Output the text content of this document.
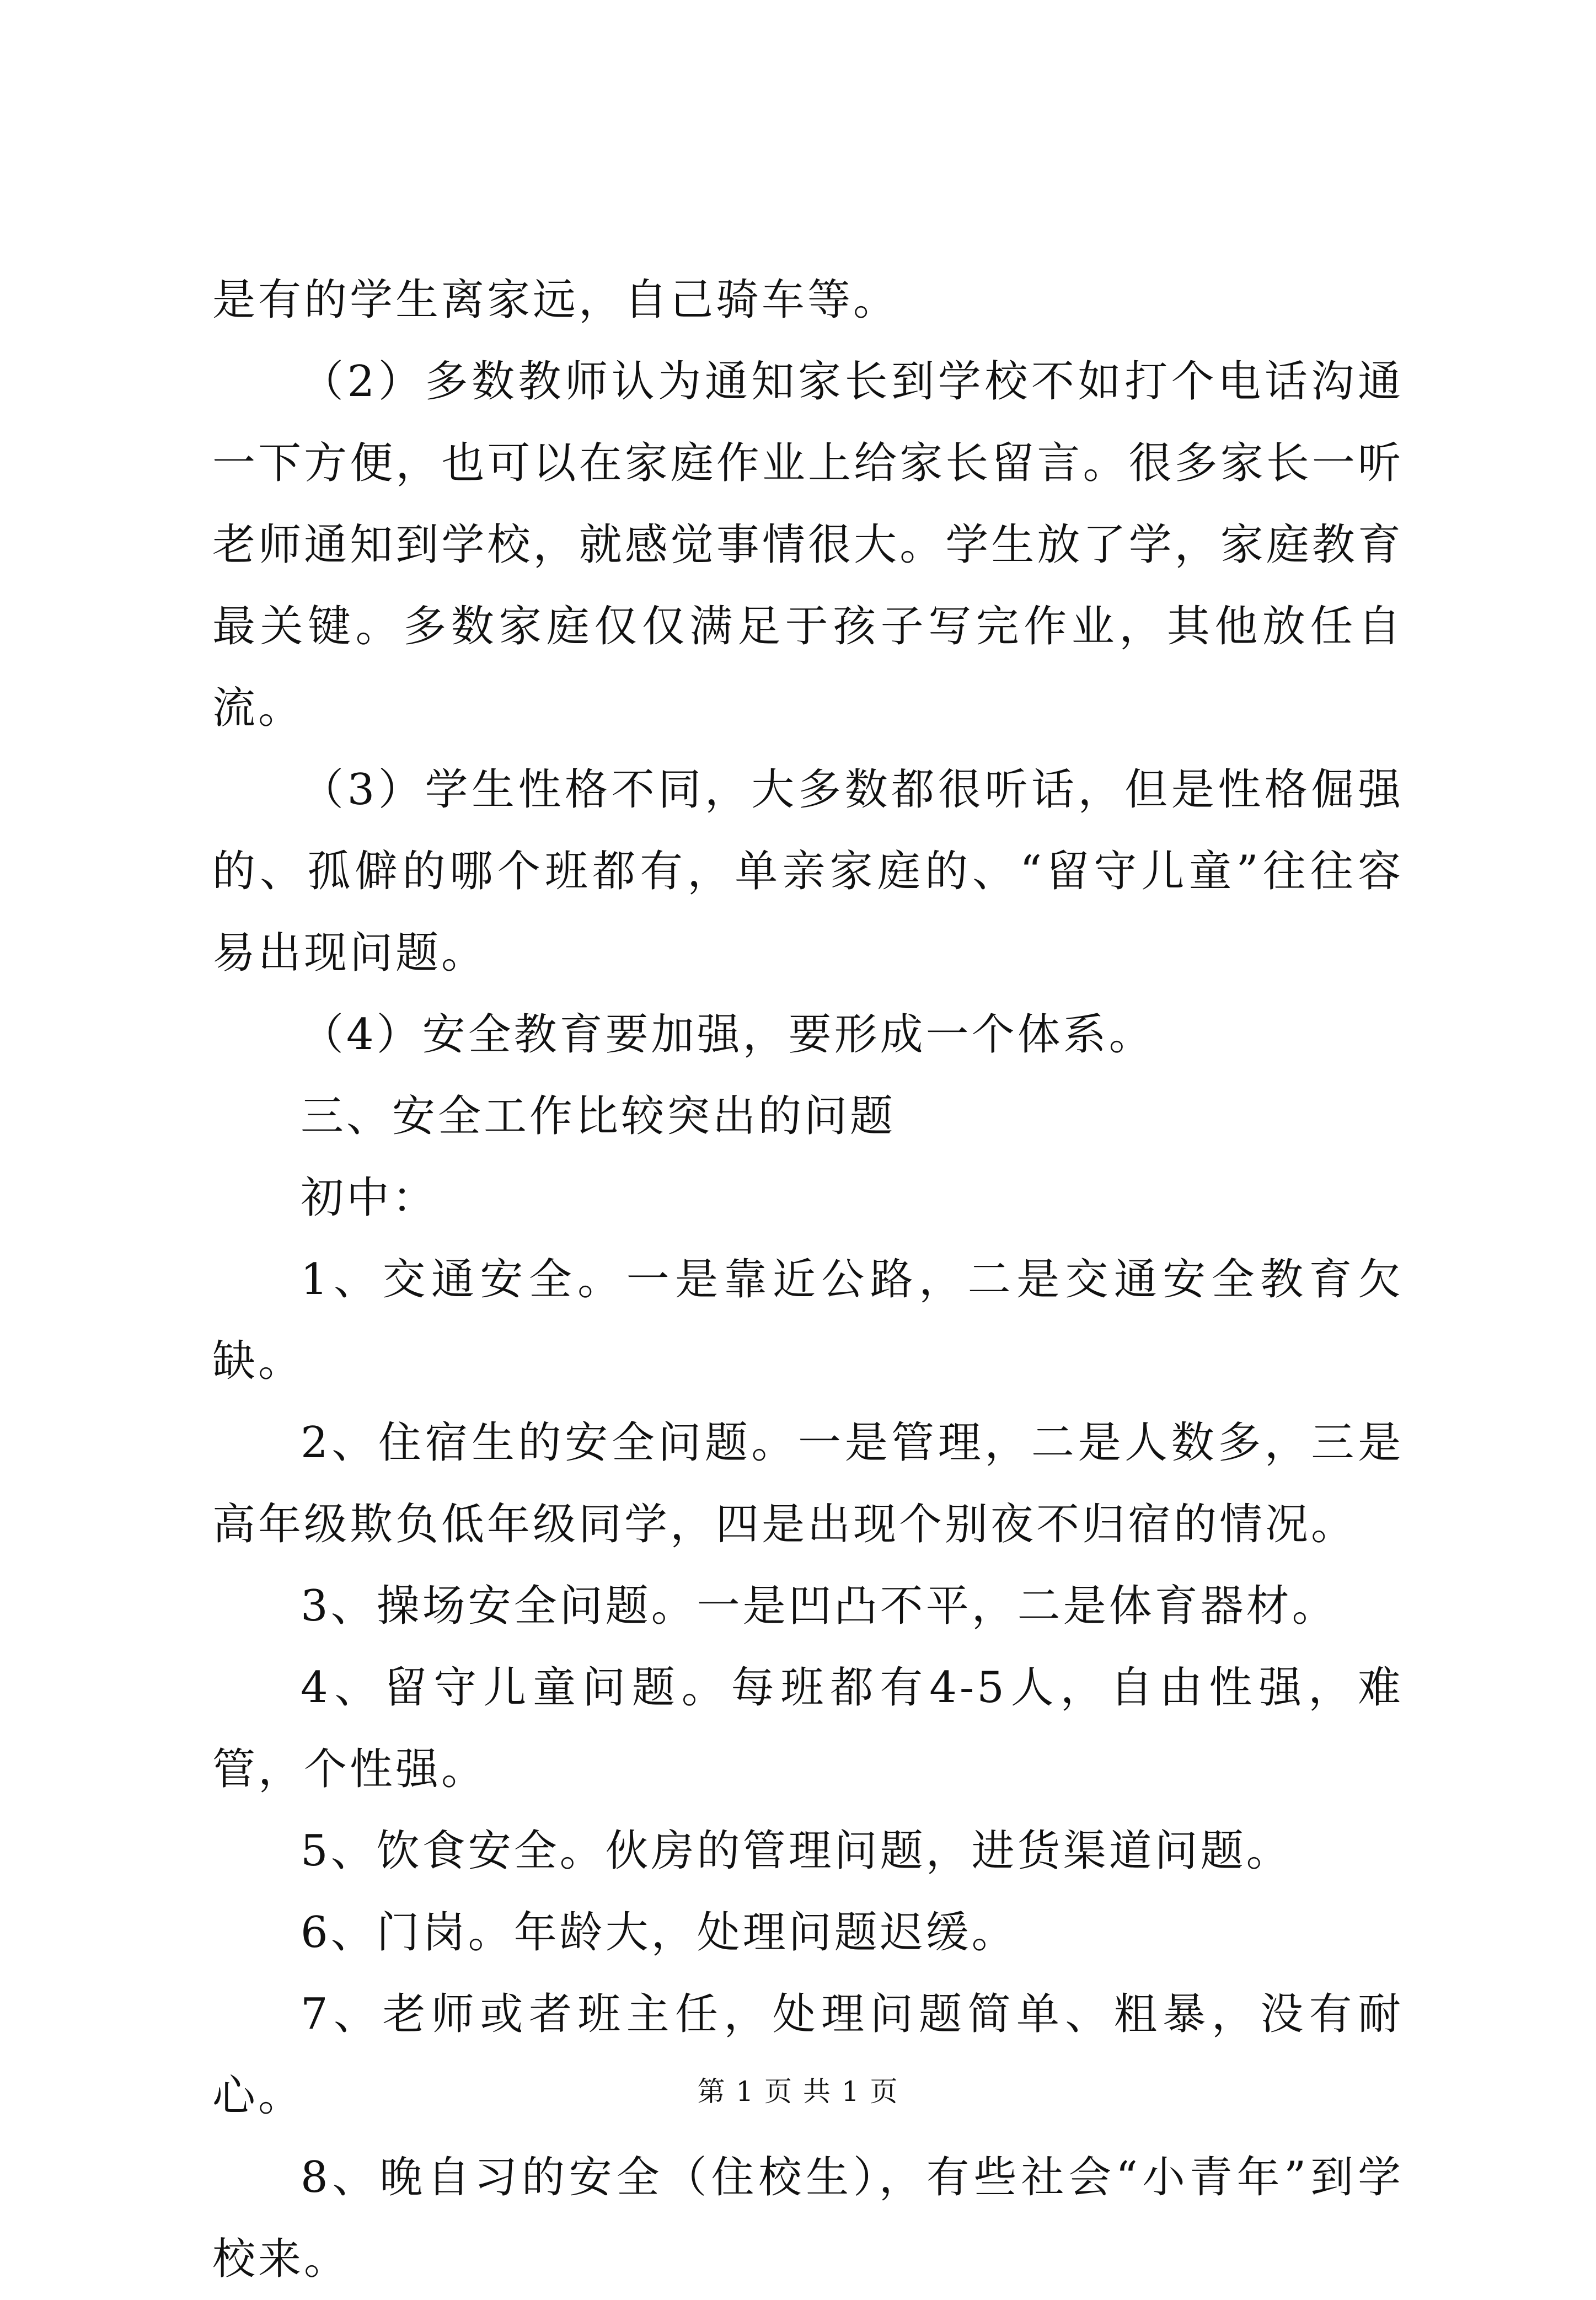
是有的学生离家远，自己骑车等。

（2）多数教师认为通知家长到学校不如打个电话沟通一下方便，也可以在家庭作业上给家长留言。很多家长一听老师通知到学校，就感觉事情很大。学生放了学，家庭教育最关键。多数家庭仅仅满足于孩子写完作业，其他放任自流。

（3）学生性格不同，大多数都很听话，但是性格倔强的、孤僻的哪个班都有，单亲家庭的、“留守儿童”往往容易出现问题。

（4）安全教育要加强，要形成一个体系。

三、安全工作比较突出的问题

初中：

1、交通安全。一是靠近公路，二是交通安全教育欠缺。

2、住宿生的安全问题。一是管理，二是人数多，三是高年级欺负低年级同学，四是出现个别夜不归宿的情况。

3、操场安全问题。一是凹凸不平，二是体育器材。

4、留守儿童问题。每班都有4-5人，自由性强，难管，个性强。

5、饮食安全。伙房的管理问题，进货渠道问题。

6、门岗。年龄大，处理问题迟缓。

7、老师或者班主任，处理问题简单、粗暴，没有耐心。

8、晚自习的安全（住校生），有些社会“小青年”到学校来。

第 1 页 共 1 页
